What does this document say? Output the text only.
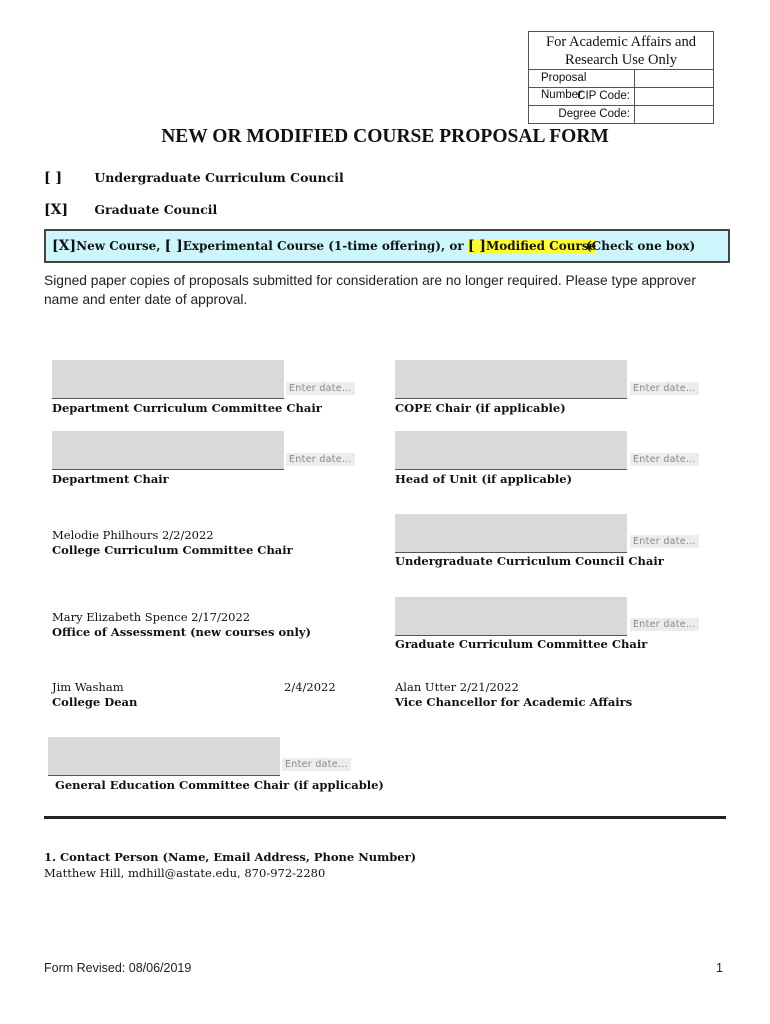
For Academic Affairs and Research Use Only
Proposal Number
CIP Code:
Degree Code:
NEW OR MODIFIED COURSE PROPOSAL FORM
[ ]	Undergraduate Curriculum Council
[X] Graduate Council
[X]New Course, [ ]Experimental Course (1-time offering), or [ ]Modified Course
(Check one box)
Signed paper copies of proposals submitted for consideration are no longer required. Please type approver name and enter date of approval.
Enter date...
Department Curriculum Committee Chair
Enter date...
COPE Chair (if applicable)
Enter date...
Department Chair
Enter date...
Head of Unit (if applicable)
Melodie Philhours 2/2/2022
College Curriculum Committee Chair
Enter date...
Undergraduate Curriculum Council Chair
Mary Elizabeth Spence 2/17/2022
Office of Assessment (new courses only)
Enter date...
Graduate Curriculum Committee Chair
Jim Washam	2/4/2022
College Dean
Alan Utter 2/21/2022
Vice Chancellor for Academic Affairs
Enter date...
General Education Committee Chair (if applicable)
1. Contact Person (Name, Email Address, Phone Number)
Matthew Hill, mdhill@astate.edu, 870-972-2280
Form Revised: 08/06/2019	1
